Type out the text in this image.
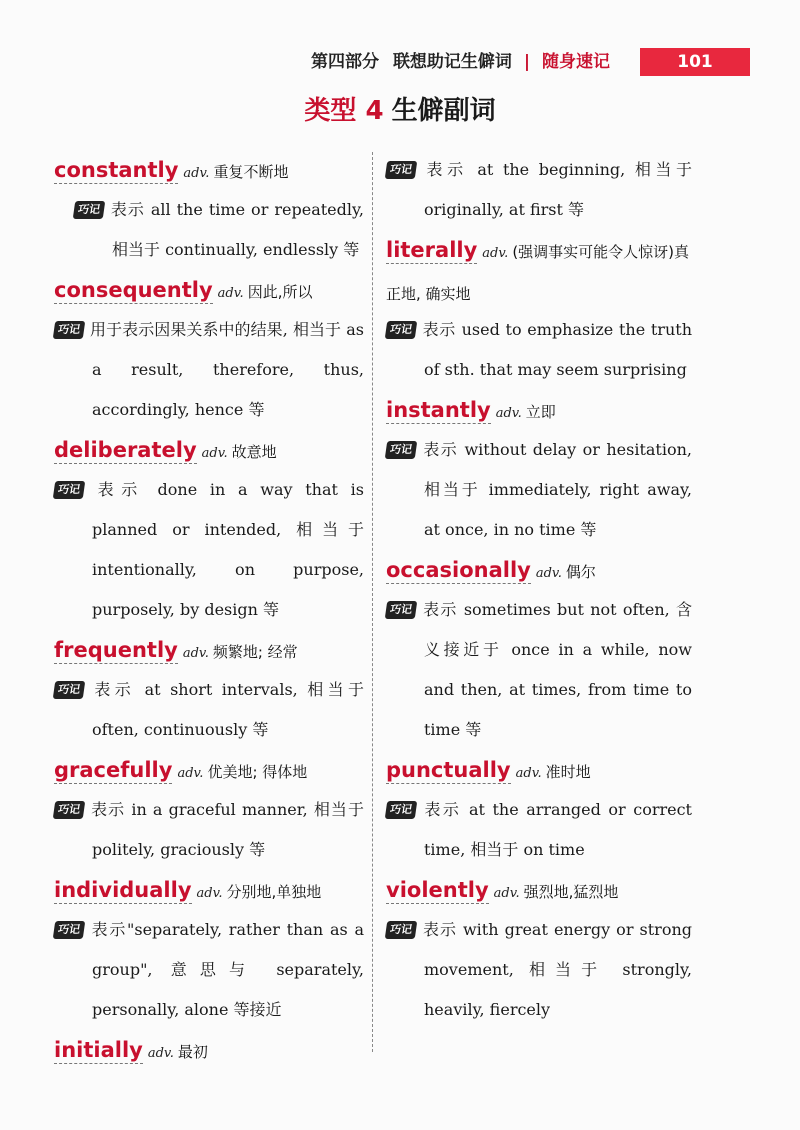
第四部分 联想助记生僻词 | 随身速记	101
类型 4 生僻副词
constantly adv. 重复不断地
巧记 表示 all the time or repeatedly, 相当于 continually, endlessly 等
consequently adv. 因此,所以
巧记 用于表示因果关系中的结果, 相当于 as a result, therefore, thus, accordingly, hence 等
deliberately adv. 故意地
巧记 表示 done in a way that is planned or intended, 相当于 intentionally, on purpose, purposely, by design 等
frequently adv. 频繁地; 经常
巧记 表示 at short intervals, 相当于 often, continuously 等
gracefully adv. 优美地; 得体地
巧记 表示 in a graceful manner, 相当于 politely, graciously 等
individually adv. 分别地,单独地
巧记 表示"separately, rather than as a group", 意思与 separately, personally, alone 等接近
initially adv. 最初
巧记 表示 at the beginning, 相当于 originally, at first 等
literally adv. (强调事实可能令人惊讶)真正地, 确实地
巧记 表示 used to emphasize the truth of sth. that may seem surprising
instantly adv. 立即
巧记 表示 without delay or hesitation, 相当于 immediately, right away, at once, in no time 等
occasionally adv. 偶尔
巧记 表示 sometimes but not often, 含义接近于 once in a while, now and then, at times, from time to time 等
punctually adv. 准时地
巧记 表示 at the arranged or correct time, 相当于 on time
violently adv. 强烈地,猛烈地
巧记 表示 with great energy or strong movement, 相当于 strongly, heavily, fiercely
